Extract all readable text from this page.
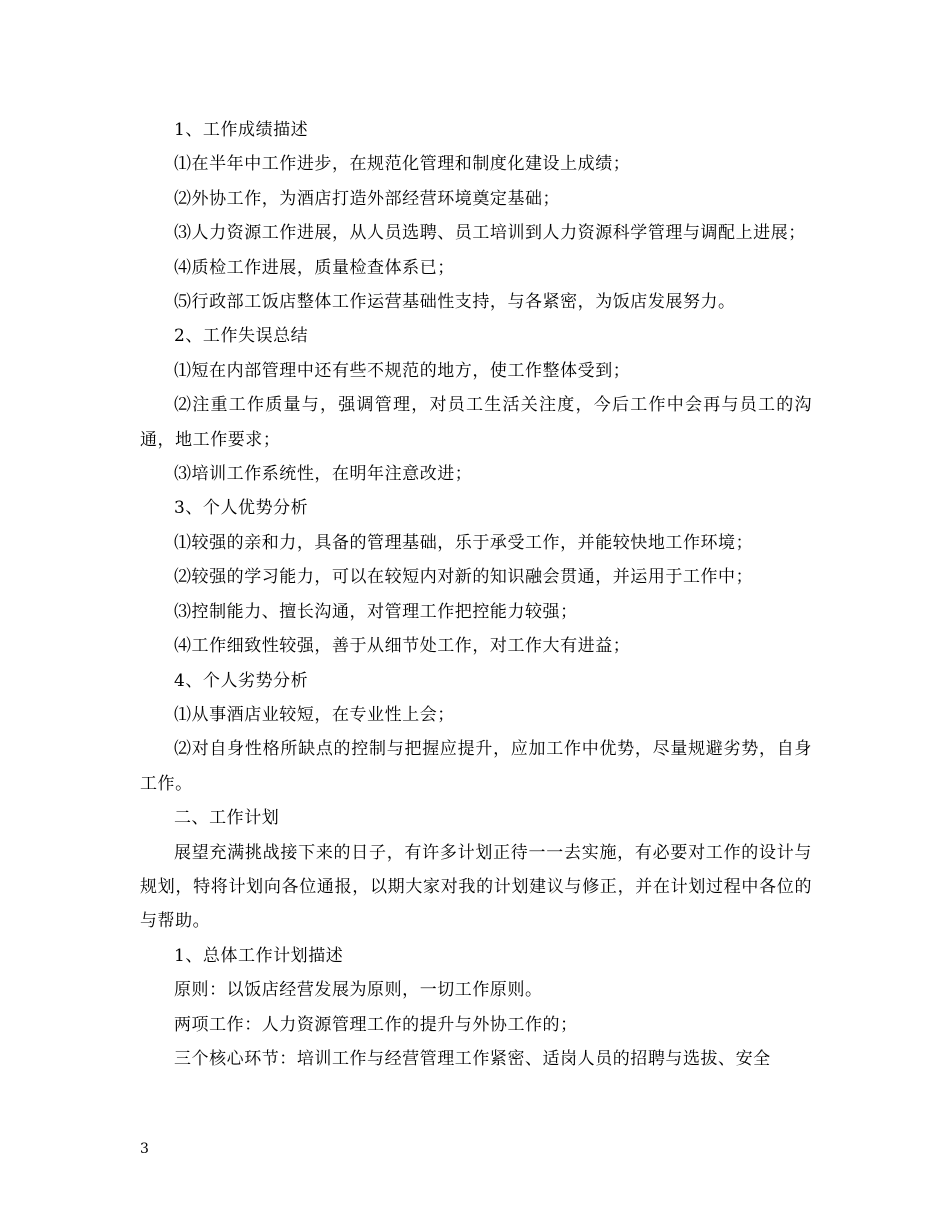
1、工作成绩描述

⑴在半年中工作进步，在规范化管理和制度化建设上成绩；

⑵外协工作，为酒店打造外部经营环境奠定基础；

⑶人力资源工作进展，从人员选聘、员工培训到人力资源科学管理与调配上进展；

⑷质检工作进展，质量检查体系已；

⑸行政部工饭店整体工作运营基础性支持，与各紧密，为饭店发展努力。

2、工作失误总结

⑴短在内部管理中还有些不规范的地方，使工作整体受到；

⑵注重工作质量与，强调管理，对员工生活关注度，今后工作中会再与员工的沟通，地工作要求；

⑶培训工作系统性，在明年注意改进；

3、个人优势分析

⑴较强的亲和力，具备的管理基础，乐于承受工作，并能较快地工作环境；

⑵较强的学习能力，可以在较短内对新的知识融会贯通，并运用于工作中；

⑶控制能力、擅长沟通，对管理工作把控能力较强；

⑷工作细致性较强，善于从细节处工作，对工作大有进益；

4、个人劣势分析

⑴从事酒店业较短，在专业性上会；

⑵对自身性格所缺点的控制与把握应提升，应加工作中优势，尽量规避劣势，自身工作。

二、工作计划

展望充满挑战接下来的日子，有许多计划正待一一去实施，有必要对工作的设计与规划，特将计划向各位通报，以期大家对我的计划建议与修正，并在计划过程中各位的与帮助。

1、总体工作计划描述

原则：以饭店经营发展为原则，一切工作原则。

两项工作：人力资源管理工作的提升与外协工作的；

三个核心环节：培训工作与经营管理工作紧密、适岗人员的招聘与选拔、安全

3
